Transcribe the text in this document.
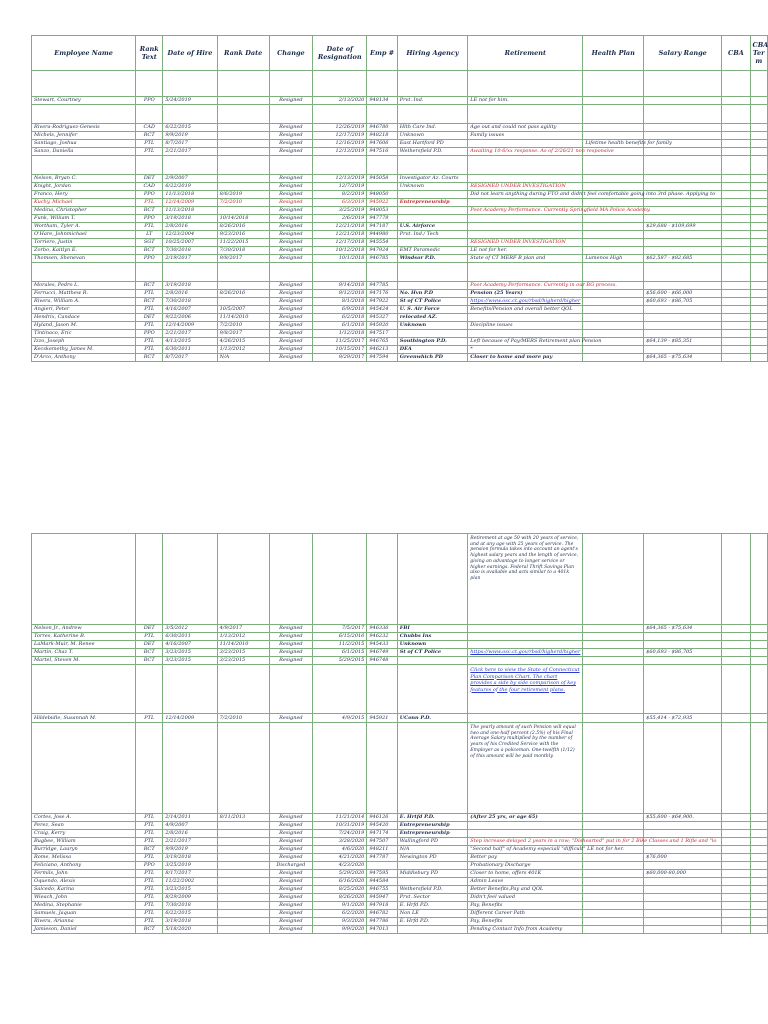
Employee Name	Rank Text	Date of Hire	Rank Date	Change	Date of Resignation	Emp #	Hiring Agency	Retirement	Health Plan	Salary Range	CBA	CBA Ter m

Stewart, Courtney	PPO	5/24/2019		Resigned	2/13/2020	948134	Prvt. Ind.	LE not for him.				

Rivera-Rodriguez-Genesis	CAD	6/22/2015		Resigned	12/26/2019	946780	Hlth Care Ind.	Age out and could not pass agility				
Michels, Jennifer	RCT	9/9/2019		Resigned	12/17/2019	948218	Unknown	Family issues				
Santiago, Joshua	PTL	8/7/2017		Resigned	12/16/2019	947606	East Hartford PD		Lifetime health benefits for family			
Sanzo, Daniella	PTL	2/21/2017		Resigned	12/13/2019	947516	Wethersfield P.D.	Awaiting 10-6/xx response. As of 2/26/21 non responsive				

Nelson, Bryan C.	DET	2/9/2007		Resigned	12/13/2019	945058	Investigator Az. Courts					
Knight, Jordan	CAD	6/22/2019		Resigned	12/7/2019		Unknown	RESIGNED UNDER INVESTIGATION				
Franco, Hery	PPO	11/13/2018	8/6/2019	Resigned	8/2/2019	948050		Did not learn anything during FTO and didn't feel comfortable going into 3rd phase. Applying to				
Kuchy, Michael	PTL	12/14/2009	7/2/2010	Resigned	6/3/2019	945922	Entrepreneurship					
Medina, Christopher	RCT	11/13/2018		Resigned	3/25/2019	948053		Poor Academy Performance. Currently Springfield MA Police Academy.				
Funk, William T.	PPO	3/19/2018	10/14/2018	Resigned	2/6/2019	947779						
Wortham, Tyler A.	PTL	2/8/2016	8/26/2016	Resigned	12/21/2018	947187	U.S. Airforce			$29,688 - $109,699		
O'Hare, Johnmichael	LT	12/23/2004	9/23/2016	Resigned	12/21/2018	944980	Prvt. Ind./ Tech					
Torriero, Justin	SGT	10/25/2007	11/22/2015	Resigned	12/17/2018	945554		RESIGNED UNDER INVESTIGATION				
Zorbo, Kaitlyn E.	RCT	7/30/2018	7/30/2018	Resigned	10/12/2018	947924	EMT Paramedic	LE not for her.				
Thomsen, Shenevan	PPO	2/19/2017	9/8/2017	Resigned	10/1/2018	946785	Windsor P.D.	State of CT MERF B plan and	Lumenos High	$62,587 - $82,685		

Morales, Pedro L.	RCT	3/19/2018		Resigned	9/14/2018	947785		Poor Academy Performance. Currently in our BG process.				
Ferrucci, Matthew R.	PTL	2/8/2016	8/26/2016	Resigned	9/12/2018	947176	No. Hvn P.D	Pension (25 Years)		$56,600 - $66,000		
Rivera, William A.	RCT	7/30/2018		Resigned	8/1/2018	947922	St of CT Police	https://www.osc.ct.gov/rbsd/higherd/higher		$60,693 - $86,705		
Angieri, Peter	PTL	4/16/2007	10/5/2007	Resigned	6/9/2018	945424	U. S. Air Force	Benefits/Pension and overall better QOL				
Hendrix, Candace	DET	9/22/2006	11/14/2010	Resigned	6/2/2018	945327	relocated AZ.					
Hyland, Jason M.	PTL	12/14/2009	7/2/2010	Resigned	6/1/2018	945920	Unknown	Discipline issues				
Tintinaco, Eric	PPO	2/21/2017	9/8/2017	Resigned	1/12/2018	947517						
Izzo, Joseph	PTL	4/13/2015	4/26/2015	Resigned	11/25/2017	946765	Southington P.D.	Left because of Pay/MERS Retirement plan Pension		$64,139 - $85,351		
Kecskemethy, James M.	PTL	6/30/2011	1/13/2012	Resigned	10/15/2017	946213	DEA	*				
D'Arco, Anthony	RCT	8/7/2017	N/A	Resigned	9/29/2017	947594	Greenwhich PD	Closer to home and more pay		$64,365 - $75,634		
								Retirement at age 50 with 20 years of service, and at any age with 25 years of service. The pension formula takes into account an agent's highest salary years and the length of service, giving an advantage to longer service or higher earnings. Federal Thrift Savings Plan also is available and acts similar to a 401k plan				
Nelson Jr., Andrew	DET	3/5/2012	4/9/2017	Resigned	7/5/2017	946336	FBI			$64,365 - $75,634		
Torres, Katherine B.	PTL	6/30/2011	1/13/2012	Resigned	6/15/2016	946232	Chubbs Ins					
LaMark-Muir, M. Renee	DET	4/16/2007	11/14/2010	Resigned	11/2/2015	945433	Unknown					
Martin, Chaz T.	RCT	3/23/2015	3/23/2015	Resigned	6/1/2015	946749	St of CT Police	https://www.osc.ct.gov/rbsd/higherd/higher		$60,693 - $86,705		
Martel, Steven M.	RCT	3/23/2015	3/23/2015	Resigned	5/29/2015	946748						
								Click here to view the State of Connecticut Plan Comparison Chart. The chart provides a side by side comparison of key features of the four retirement plans.				
Hildebidle, Susannah M.	PTL	12/14/2009	7/2/2010	Resigned	4/9/2015	945921	UConn P.D.			$55,414 - $72,935		
								The yearly amount of such Pension will equal two and one-half percent (2.5%) of his Final Average Salary multiplied by the number of years of his Credited Service with the Employer as a policeman. One-twelfth (1/12) of this amount will be paid monthly.				
Cortes, Jose A.	PTL	2/14/2011	8/11/2013	Resigned	11/21/2014	946126	E. Hrtfd P.D.	(After 25 yrs, or age 65)		$55,600 - $64,900.		
Perez, Sean	PTL	4/9/2007		Resigned	10/31/2019	945420	Entrepreneurship					
Craig, Kerry	PTL	2/8/2016		Resigned	7/24/2019	947174	Entrepreneurship					
Bugbee, William	PTL	2/21/2017		Resigned	3/28/2020	947507	Wallingford PD	Step increase delayed 2 years in a row; "Dishearted" put in for 2 Bike Classes and 1 Rifle and "lo				
Burridge, Lauryn	RCT	9/9/2019		Resigned	4/6/2020	948211	N/A	"Second half" of Academy especiall "difficult" LE not for her.				
Rome, Melissa	PTL	3/19/2018		Resigned	4/21/2020	947787	Newington PD	Better pay		$76,000		
Feliciano, Anthony	PPO	3/25/2019		Discharged	4/23/2020			Probationary Discharge				
Fermils, John	PTL	8/17/2017		Resigned	5/29/2020	947595	Middlebury PD	Closer to home, offers 401K		$60,000-80,000		
Oquendo, Alexis	PTL	11/22/2002		Resigned	6/16/2020	944584		Admin Leave				
Salcedo, Karina	PTL	3/23/2015		Resigned	8/25/2020	946755	Wethersfield P.D.	Better Benefits,Pay and QOL				
Wieach, John	PTL	8/29/2009		Resigned	8/26/2020	945947	Prvt. Sector	Didn't feel valued				
Medina, Stephanie	PTL	7/30/2018		Resigned	9/1/2020	947918	E. Hrfd P.D.	Pay, Benefits				
Samuels, Jaquan	PTL	6/22/2015		Resigned	6/2/2020	946782	Non LE	Different Career Path				
Rivera, Arianna	PTL	3/19/2018		Resigned	9/3/2020	947786	E. Hrfd P.D.	Pay, Benefits				
Jamieson, Daniel	RCT	5/18/2020		Resigned	9/9/2020	947013		Pending Contact Info from Academy				
